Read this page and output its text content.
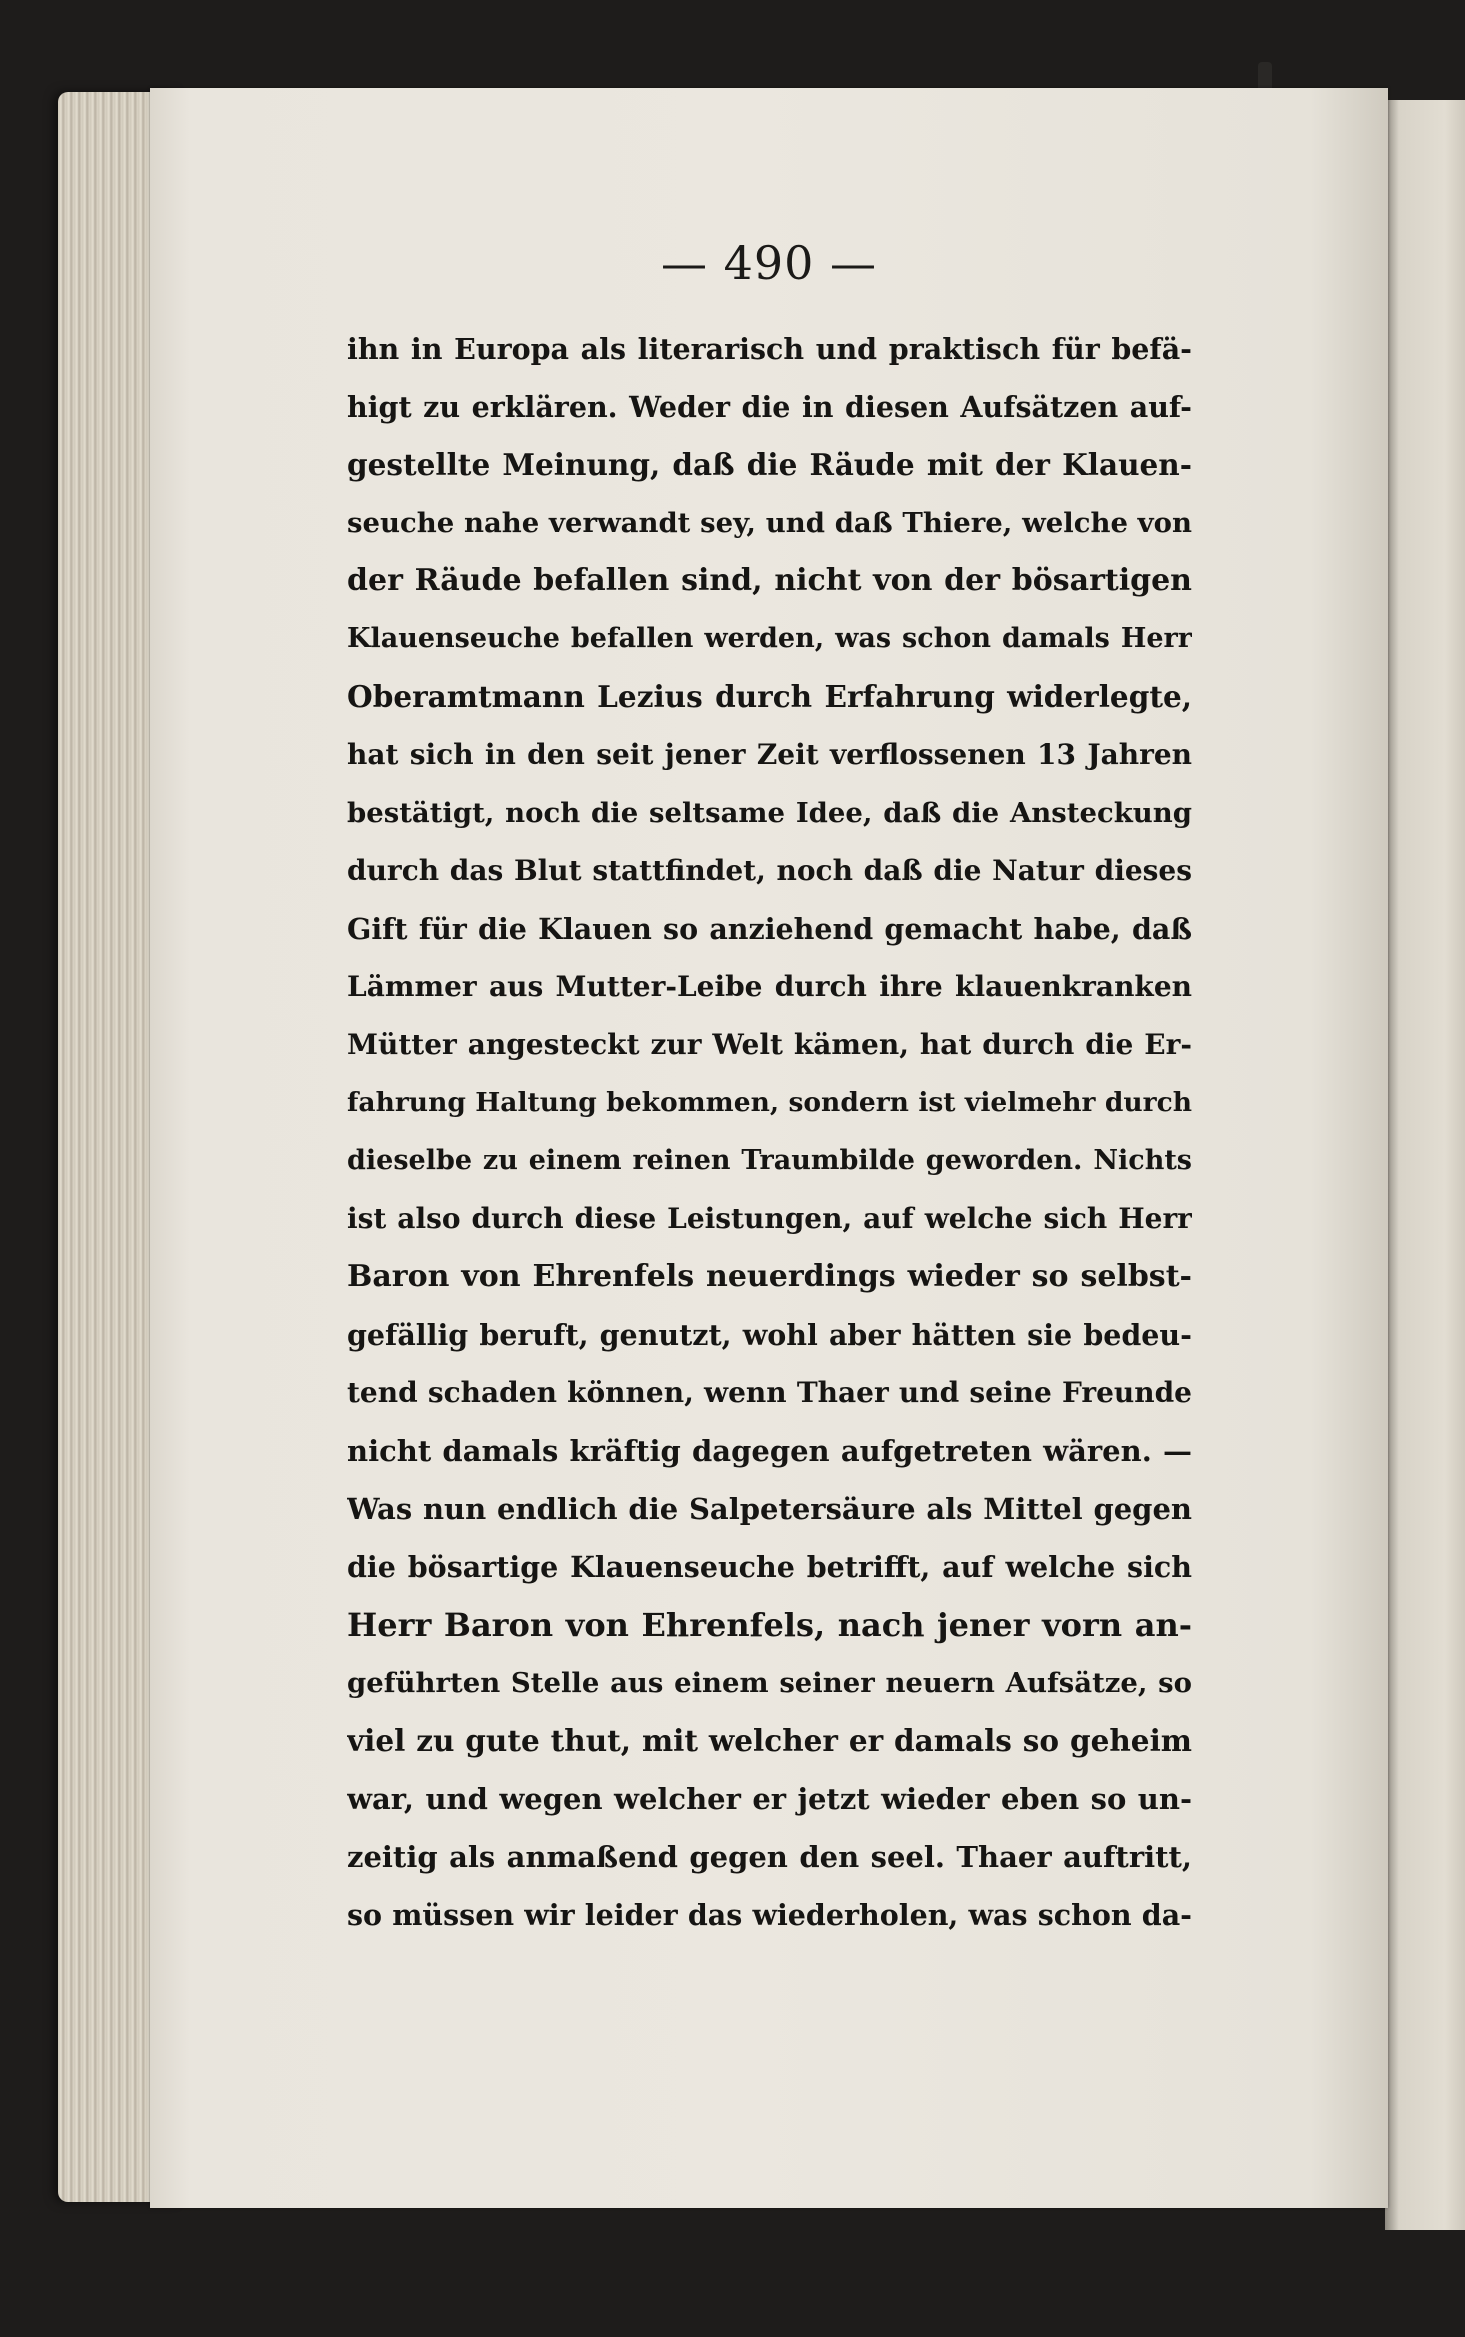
— 490 —
ihn in Europa als literarisch und praktisch für befä-
higt zu erklären. Weder die in diesen Aufsätzen auf-
gestellte Meinung, daß die Räude mit der Klauen-
seuche nahe verwandt sey, und daß Thiere, welche von
der Räude befallen sind, nicht von der bösartigen
Klauenseuche befallen werden, was schon damals Herr
Oberamtmann Lezius durch Erfahrung widerlegte,
hat sich in den seit jener Zeit verflossenen 13 Jahren
bestätigt, noch die seltsame Idee, daß die Ansteckung
durch das Blut stattfindet, noch daß die Natur dieses
Gift für die Klauen so anziehend gemacht habe, daß
Lämmer aus Mutter-Leibe durch ihre klauenkranken
Mütter angesteckt zur Welt kämen, hat durch die Er-
fahrung Haltung bekommen, sondern ist vielmehr durch
dieselbe zu einem reinen Traumbilde geworden. Nichts
ist also durch diese Leistungen, auf welche sich Herr
Baron von Ehrenfels neuerdings wieder so selbst-
gefällig beruft, genutzt, wohl aber hätten sie bedeu-
tend schaden können, wenn Thaer und seine Freunde
nicht damals kräftig dagegen aufgetreten wären. —
Was nun endlich die Salpetersäure als Mittel gegen
die bösartige Klauenseuche betrifft, auf welche sich
Herr Baron von Ehrenfels, nach jener vorn an-
geführten Stelle aus einem seiner neuern Aufsätze, so
viel zu gute thut, mit welcher er damals so geheim
war, und wegen welcher er jetzt wieder eben so un-
zeitig als anmaßend gegen den seel. Thaer auftritt,
so müssen wir leider das wiederholen, was schon da-
